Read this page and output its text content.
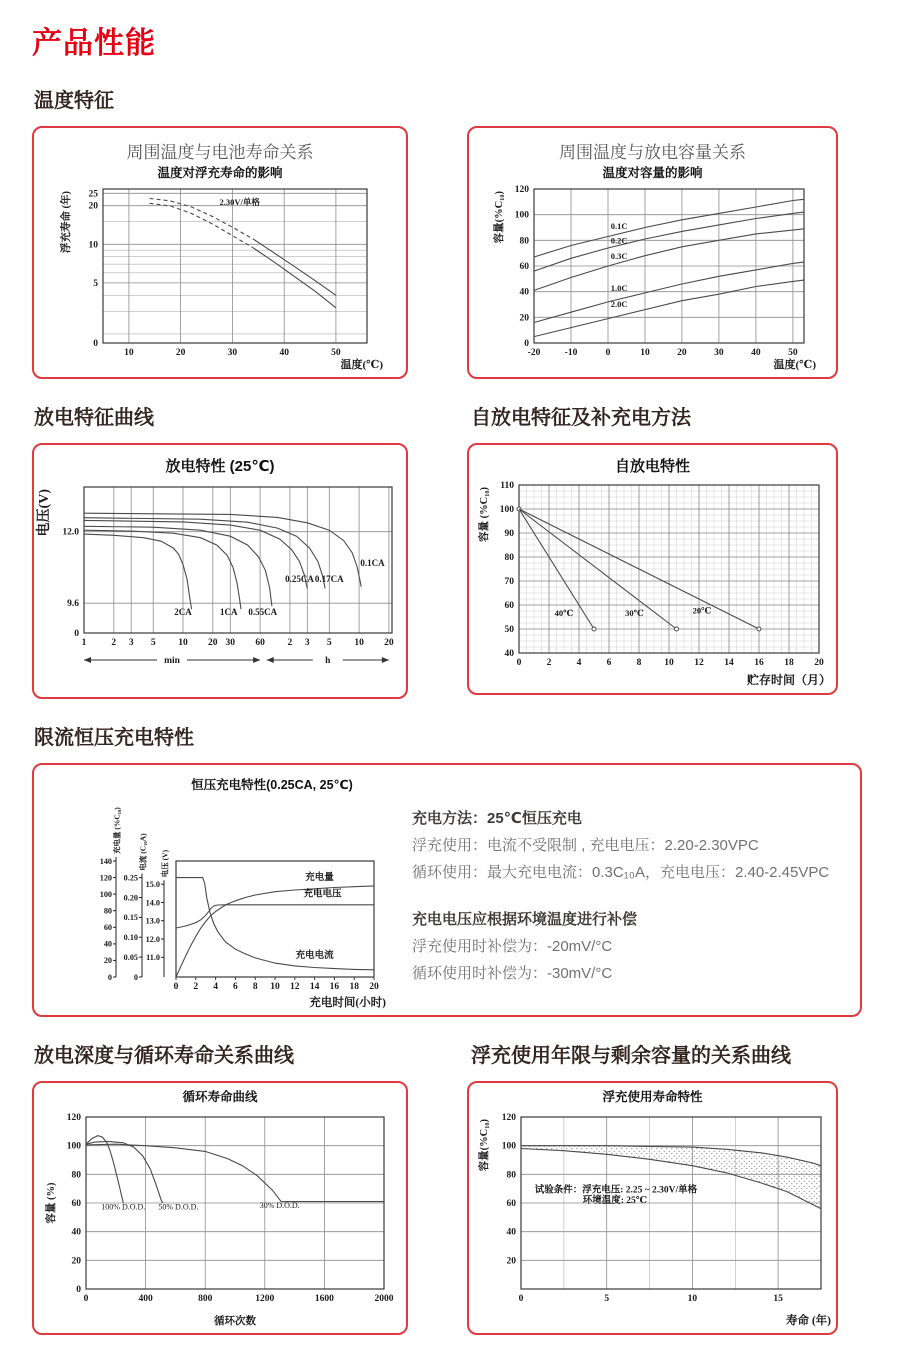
产品性能
温度特征
周围温度与电池寿命关系
温度对浮充寿命的影响
10	20	30	40	50
25
20
10
5
0
2.30V/单格
浮充寿命 (年)
温度(℃)
周围温度与放电容量关系
温度对容量的影响
-20	-10	0	10	20	30	40	50
0
20
40
60
80
100
120
0.1C
0.2C
0.3C
1.0C
2.0C
容量(%C₁₀)
温度(℃)
放电特征曲线	自放电特征及补充电方法
放电特性 (25℃)
1	2 3 5 10 20 30 60 2 3 5 10 20
12.0
9.6
0
0.1CA
0.25CA 0.17CA
2CA	1CA 0.55CA
min	h
电压(V)
自放电特性
0	2	4	6	8 10 12 14 16 18 20
40
50
60
70
80
90
100
110
40℃	30℃	20℃
容量 (%C₁₀)
贮存时间（月）
限流恒压充电特性
恒压充电特性(0.25CA, 25℃)
0 2 4 6 8 10 12 14 16 18 20
0
20
40
60
80
100
120
140
充电量 (%C₁₀)
0
0.05
0.10
0.15
0.20
0.25
电流 (C₁₀A)
11.0
12.0
13.0
14.0
15.0
电压 (V)
充电量
充电电压
充电电流
充电时间(小时)
充电方法：25℃恒压充电
浮充使用：电流不受限制 , 充电电压：2.20-2.30VPC
循环使用：最大充电电流：0.3C₁₀A，充电电压：2.40-2.45VPC
充电电压应根据环境温度进行补偿
浮充使用时补偿为：-20mV/°C
循环使用时补偿为：-30mV/°C
放电深度与循环寿命关系曲线	浮充使用年限与剩余容量的关系曲线
循环寿命曲线
0	400	800	1200	1600	2000
0
20
40
60
80
100
120
100% D.O.D. 50% D.O.D.	30% D.O.D.
容量 (%)
循环次数
浮充使用寿命特性
0	5	10	15
20
40
60
80
100
120
试验条件：浮充电压: 2.25 ~ 2.30V/单格
环境温度: 25℃
容量(%C₁₀)
寿命 (年)
